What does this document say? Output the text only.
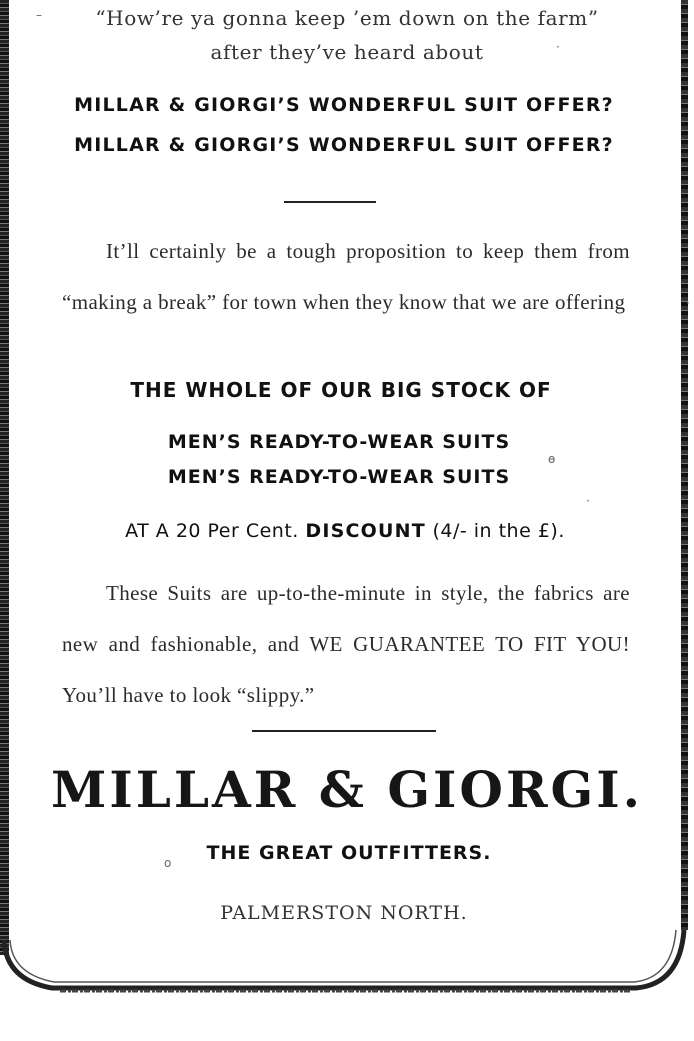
–
·
ɵ
·
·
o
“How’re ya gonna keep ’em down on the farm”
after they’ve heard about
MILLAR & GIORGI’S WONDERFUL SUIT OFFER?
MILLAR & GIORGI’S WONDERFUL SUIT OFFER?
It’ll certainly be a tough proposition to keep them from “making a break” for town when they know that we are offering
THE WHOLE OF OUR BIG STOCK OF
MEN’S READY-TO-WEAR SUITS
MEN’S READY-TO-WEAR SUITS
AT A 20 Per Cent. DISCOUNT (4/- in the £).
These Suits are up-to-the-minute in style, the fabrics are new and fashionable, and WE GUARANTEE TO FIT YOU! You’ll have to look “slippy.”
MILLAR & GIORGI.
THE GREAT OUTFITTERS.
PALMERSTON NORTH.
